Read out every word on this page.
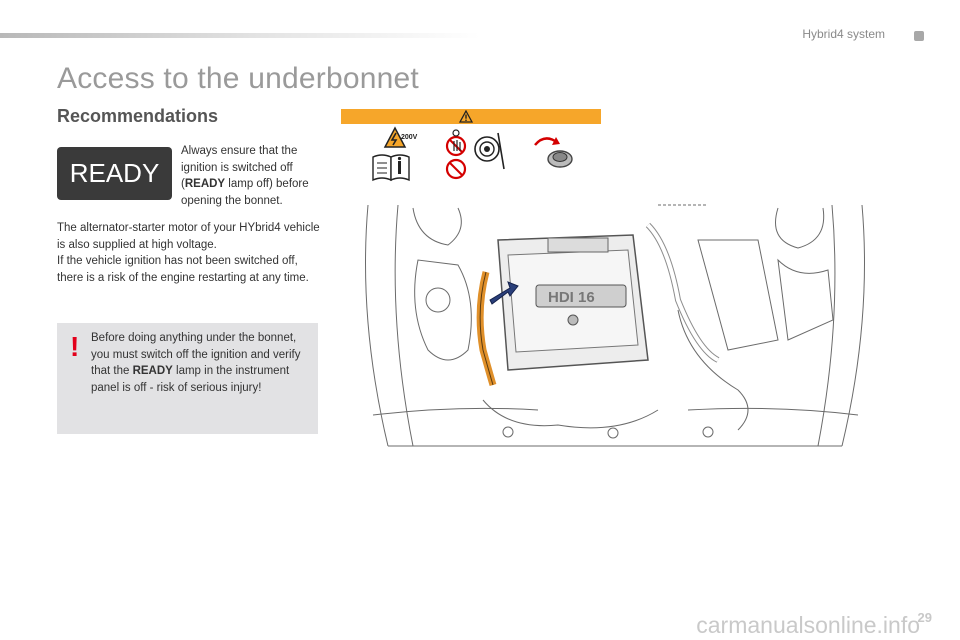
Hybrid4 system
Access to the underbonnet
Recommendations
READY
Always ensure that the ignition is switched off (READY lamp off) before opening the bonnet.
The alternator-starter motor of your HYbrid4 vehicle is also supplied at high voltage.
If the vehicle ignition has not been switched off, there is a risk of the engine restarting at any time.
! Before doing anything under the bonnet, you must switch off the ignition and verify that the READY lamp in the instrument panel is off - risk of serious injury!
200V
HDI 16
carmanualsonline.info
29
